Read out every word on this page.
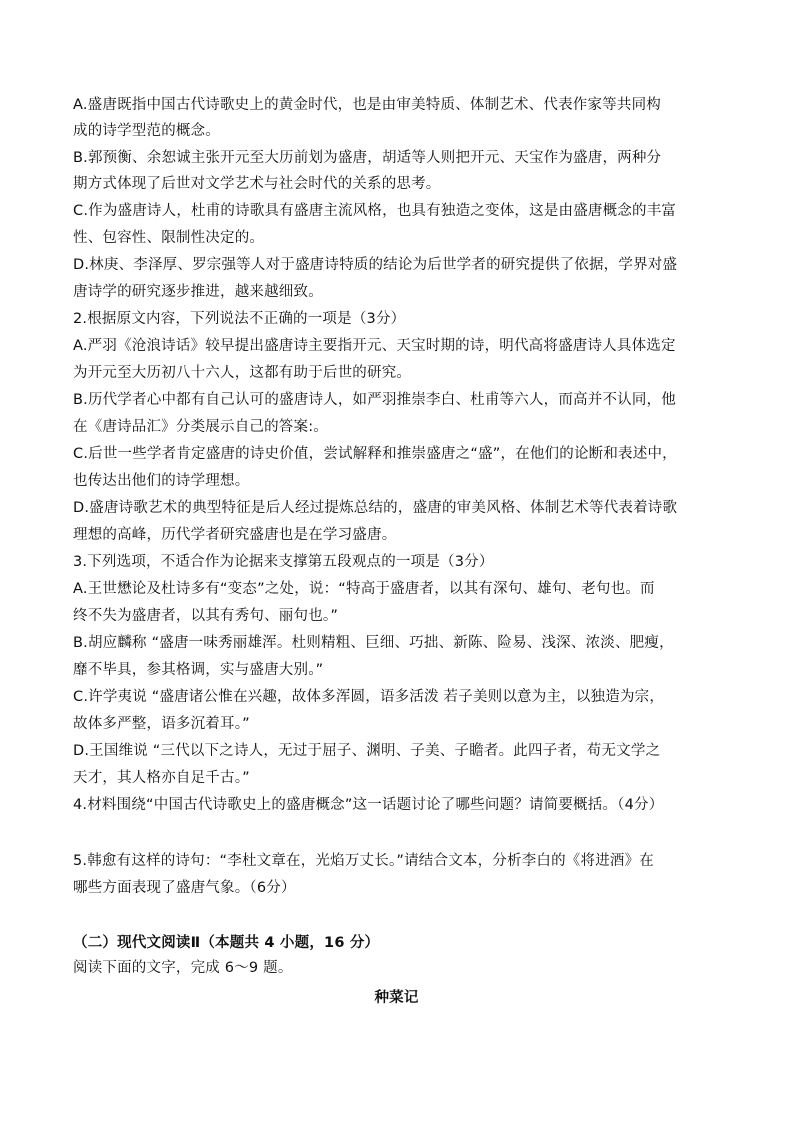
A.盛唐既指中国古代诗歌史上的黄金时代，也是由审美特质、体制艺术、代表作家等共同构
成的诗学型范的概念。
B.郭预衡、余恕诚主张开元至大历前划为盛唐，胡适等人则把开元、天宝作为盛唐，两种分
期方式体现了后世对文学艺术与社会时代的关系的思考。
C.作为盛唐诗人，杜甫的诗歌具有盛唐主流风格，也具有独造之变体，这是由盛唐概念的丰富
性、包容性、限制性决定的。
D.林庚、李泽厚、罗宗强等人对于盛唐诗特质的结论为后世学者的研究提供了依据，学界对盛
唐诗学的研究逐步推进，越来越细致。
2.根据原文内容，下列说法不正确的一项是（3分）
A.严羽《沧浪诗话》较早提出盛唐诗主要指开元、天宝时期的诗，明代高将盛唐诗人具体选定
为开元至大历初八十六人，这都有助于后世的研究。
B.历代学者心中都有自己认可的盛唐诗人，如严羽推崇李白、杜甫等六人，而高并不认同，他
在《唐诗品汇》分类展示自己的答案:。
C.后世一些学者肯定盛唐的诗史价值，尝试解释和推崇盛唐之“盛”，在他们的论断和表述中，
也传达出他们的诗学理想。
D.盛唐诗歌艺术的典型特征是后人经过提炼总结的，盛唐的审美风格、体制艺术等代表着诗歌
理想的高峰，历代学者研究盛唐也是在学习盛唐。
3.下列选项，不适合作为论据来支撑第五段观点的一项是（3分）
A.王世懋论及杜诗多有“变态”之处，说：“特高于盛唐者，以其有深句、雄句、老句也。而
终不失为盛唐者，以其有秀句、丽句也。”
B.胡应麟称 “盛唐一味秀丽雄浑。杜则精粗、巨细、巧拙、新陈、险易、浅深、浓淡、肥瘦，
靡不毕具，参其格调，实与盛唐大别。”
C.许学夷说 “盛唐诸公惟在兴趣，故体多浑圆，语多活泼 若子美则以意为主，以独造为宗，
故体多严整，语多沉着耳。”
D.王国维说 “三代以下之诗人，无过于屈子、渊明、子美、子瞻者。此四子者，苟无文学之
天才，其人格亦自足千古。”
4.材料围绕“中国古代诗歌史上的盛唐概念”这一话题讨论了哪些问题？请简要概括。（4分）
5.韩愈有这样的诗句：“李杜文章在，光焰万丈长。”请结合文本，分析李白的《将进酒》在
哪些方面表现了盛唐气象。（6分）
（二）现代文阅读Ⅱ（本题共 4 小题，16 分）
阅读下面的文字，完成 6～9 题。
种菜记
